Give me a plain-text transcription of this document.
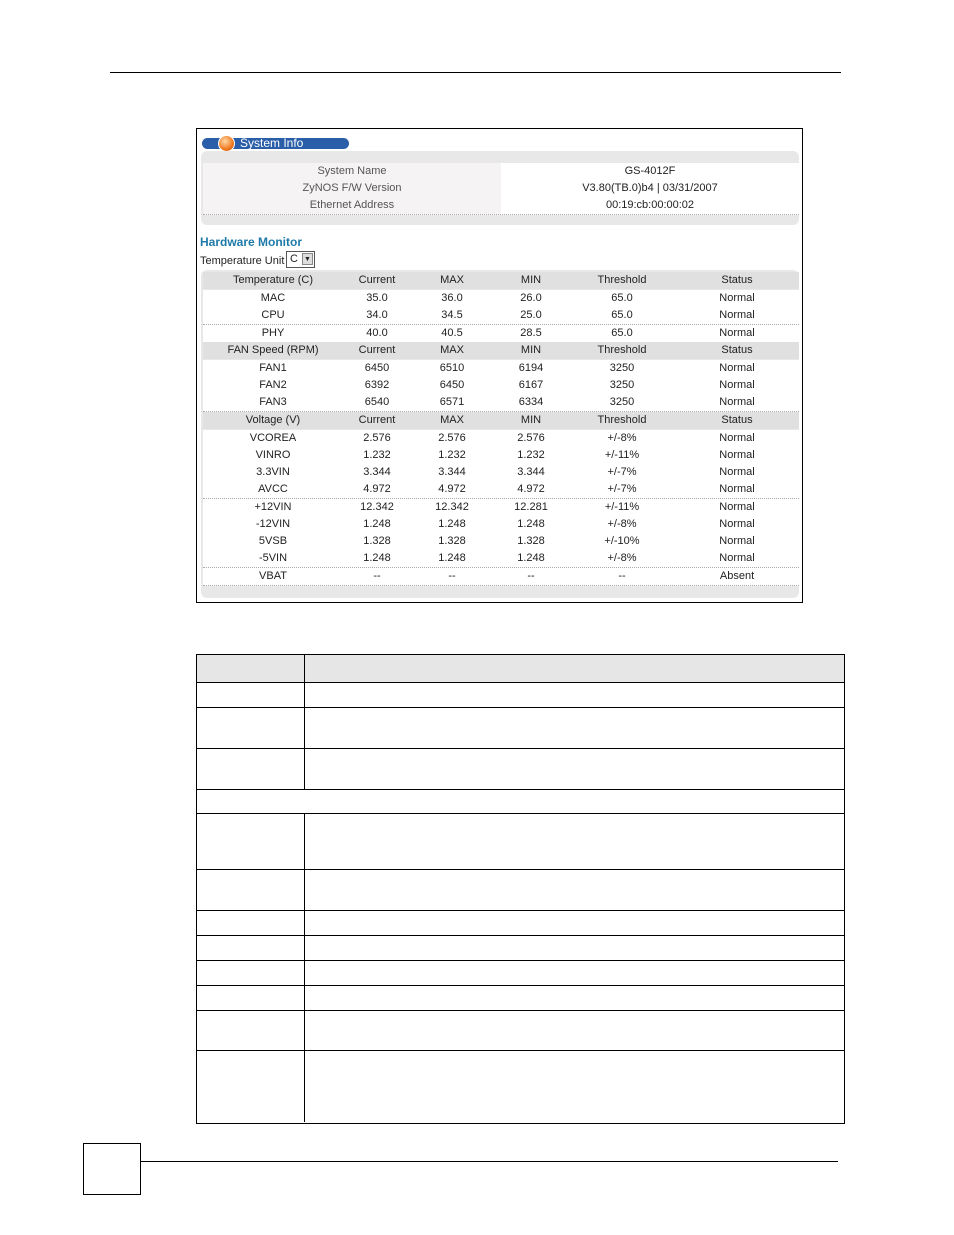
System Info
System Name	GS-4012F
ZyNOS F/W Version	V3.80(TB.0)b4 | 03/31/2007
Ethernet Address	00:19:cb:00:00:02
Hardware Monitor
Temperature Unit C ▼
Temperature (C)	Current	MAX	MIN	Threshold	Status
MAC	35.0	36.0	26.0	65.0	Normal
CPU	34.0	34.5	25.0	65.0	Normal
PHY	40.0	40.5	28.5	65.0	Normal
FAN Speed (RPM)	Current	MAX	MIN	Threshold	Status
FAN1	6450	6510	6194	3250	Normal
FAN2	6392	6450	6167	3250	Normal
FAN3	6540	6571	6334	3250	Normal
Voltage (V)	Current	MAX	MIN	Threshold	Status
VCOREA	2.576	2.576	2.576	+/-8%	Normal
VINRO	1.232	1.232	1.232	+/-11%	Normal
3.3VIN	3.344	3.344	3.344	+/-7%	Normal
AVCC	4.972	4.972	4.972	+/-7%	Normal
+12VIN	12.342	12.342	12.281	+/-11%	Normal
-12VIN	1.248	1.248	1.248	+/-8%	Normal
5VSB	1.328	1.328	1.328	+/-10%	Normal
-5VIN	1.248	1.248	1.248	+/-8%	Normal
VBAT	--	--	--	--	Absent
